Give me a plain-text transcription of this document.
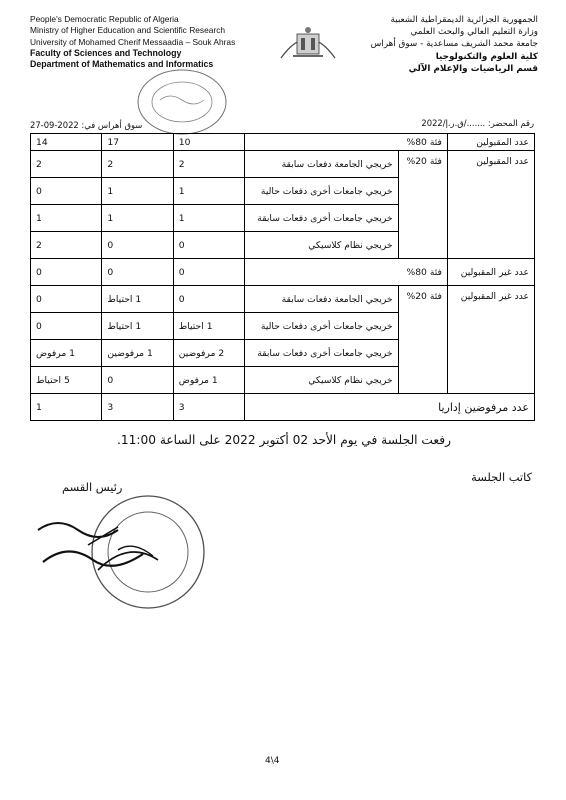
People's Democratic Republic of Algeria
Ministry of Higher Education and Scientific Research
University of Mohamed Cherif Messaadia – Souk Ahras
Faculty of Sciences and Technology
Department of Mathematics and Informatics
الجمهورية الجزائرية الديمقراطية الشعبية
وزارة التعليم العالي والبحث العلمي
جامعة محمد الشريف مساعدية - سوق أهراس
كلية العلوم والتكنولوجيا
قسم الرياضيات والإعلام الآلي
رقم المحضر: ......./ق.ر.إ/2022
سوق أهراس في: 2022-09-27
عدد المقبولين	فئة 80%		10	17	14
عدد المقبولين	فئة 20%	خريجي الجامعة دفعات سابقة	2	2	2
		خريجي جامعات أخرى دفعات حالية	1	1	0
		خريجي جامعات أخرى دفعات سابقة	1	1	1
		خريجي نظام كلاسيكي	0	0	2
عدد غير المقبولين	فئة 80%		0	0	0
عدد غير المقبولين	فئة 20%	خريجي الجامعة دفعات سابقة	0	1 احتياط	0
		خريجي جامعات أخرى دفعات حالية	1 احتياط	1 احتياط	0
		خريجي جامعات أخرى دفعات سابقة	2 مرفوضين	1 مرفوضين	1 مرفوض
		خريجي نظام كلاسيكي	1 مرفوض	0	5 احتياط
عدد مرفوضين إداريا			3	3	1
رفعت الجلسة في يوم الأحد 02 أكتوبر 2022 على الساعة 11:00.
كاتب الجلسة
رئيس القسم
4\4
